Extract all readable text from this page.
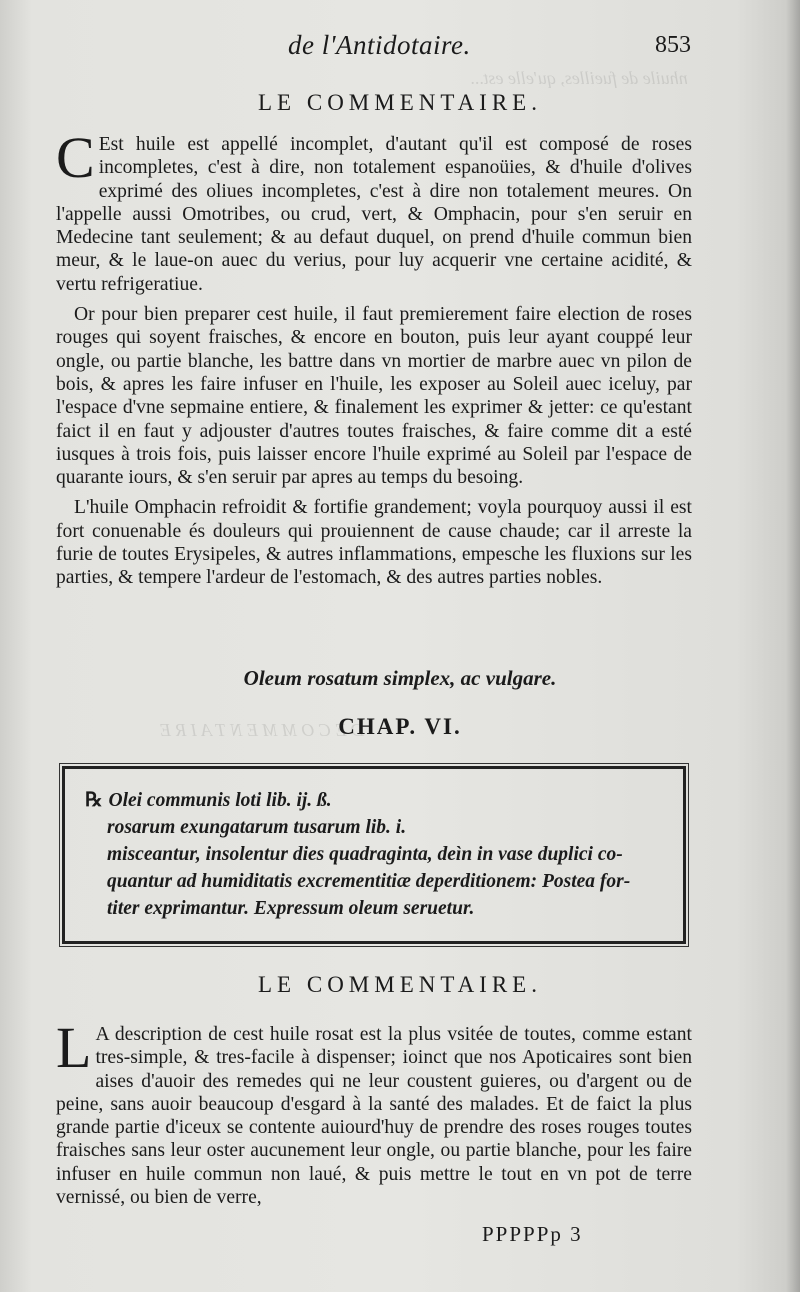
nhuile de fueilles, qu'elle est...
D E C O M M E N T A I R E
de l'Antidotaire.	853
LE COMMENTAIRE.

C Est huile est appellé incomplet, d'autant qu'il est composé de roses incompletes, c'est à dire, non totalement espanoüies, & d'huile d'olives exprimé des oliues incompletes, c'est à dire non totalement meures. On l'appelle aussi Omotribes, ou crud, vert, & Omphacin, pour s'en seruir en Medecine tant seulement; & au defaut duquel, on prend d'huile commun bien meur, & le laue-on auec du verius, pour luy acquerir vne certaine acidité, & vertu refrigeratiue.

Or pour bien preparer cest huile, il faut premierement faire election de roses rouges qui soyent fraisches, & encore en bouton, puis leur ayant couppé leur ongle, ou partie blanche, les battre dans vn mortier de marbre auec vn pilon de bois, & apres les faire infuser en l'huile, les exposer au Soleil auec iceluy, par l'espace d'vne sepmaine entiere, & finalement les exprimer & jetter: ce qu'estant faict il en faut y adjouster d'autres toutes fraisches, & faire comme dit a esté iusques à trois fois, puis laisser encore l'huile exprimé au Soleil par l'espace de quarante iours, & s'en seruir par apres au temps du besoing.

L'huile Omphacin refroidit & fortifie grandement; voyla pourquoy aussi il est fort conuenable és douleurs qui prouiennent de cause chaude; car il arreste la furie de toutes Erysipeles, & autres inflammations, empesche les fluxions sur les parties, & tempere l'ardeur de l'estomach, & des autres parties nobles.

Oleum rosatum simplex, ac vulgare.
CHAP. VI.
℞ Olei communis loti lib. ij. ß.
rosarum exungatarum tusarum lib. i.
misceantur, insolentur dies quadraginta, deìn in vase duplici co-
quantur ad humiditatis excrementitiæ deperditionem: Postea for-
titer exprimantur. Expressum oleum seruetur.
LE COMMENTAIRE.

L A description de cest huile rosat est la plus vsitée de toutes, comme estant tres-simple, & tres-facile à dispenser; ioinct que nos Apoticaires sont bien aises d'auoir des remedes qui ne leur coustent guieres, ou d'argent ou de peine, sans auoir beaucoup d'esgard à la santé des malades. Et de faict la plus grande partie d'iceux se contente auiourd'huy de prendre des roses rouges toutes fraisches sans leur oster aucunement leur ongle, ou partie blanche, pour les faire infuser en huile commun non laué, & puis mettre le tout en vn pot de terre vernissé, ou bien de verre,

PPPPPp 3
